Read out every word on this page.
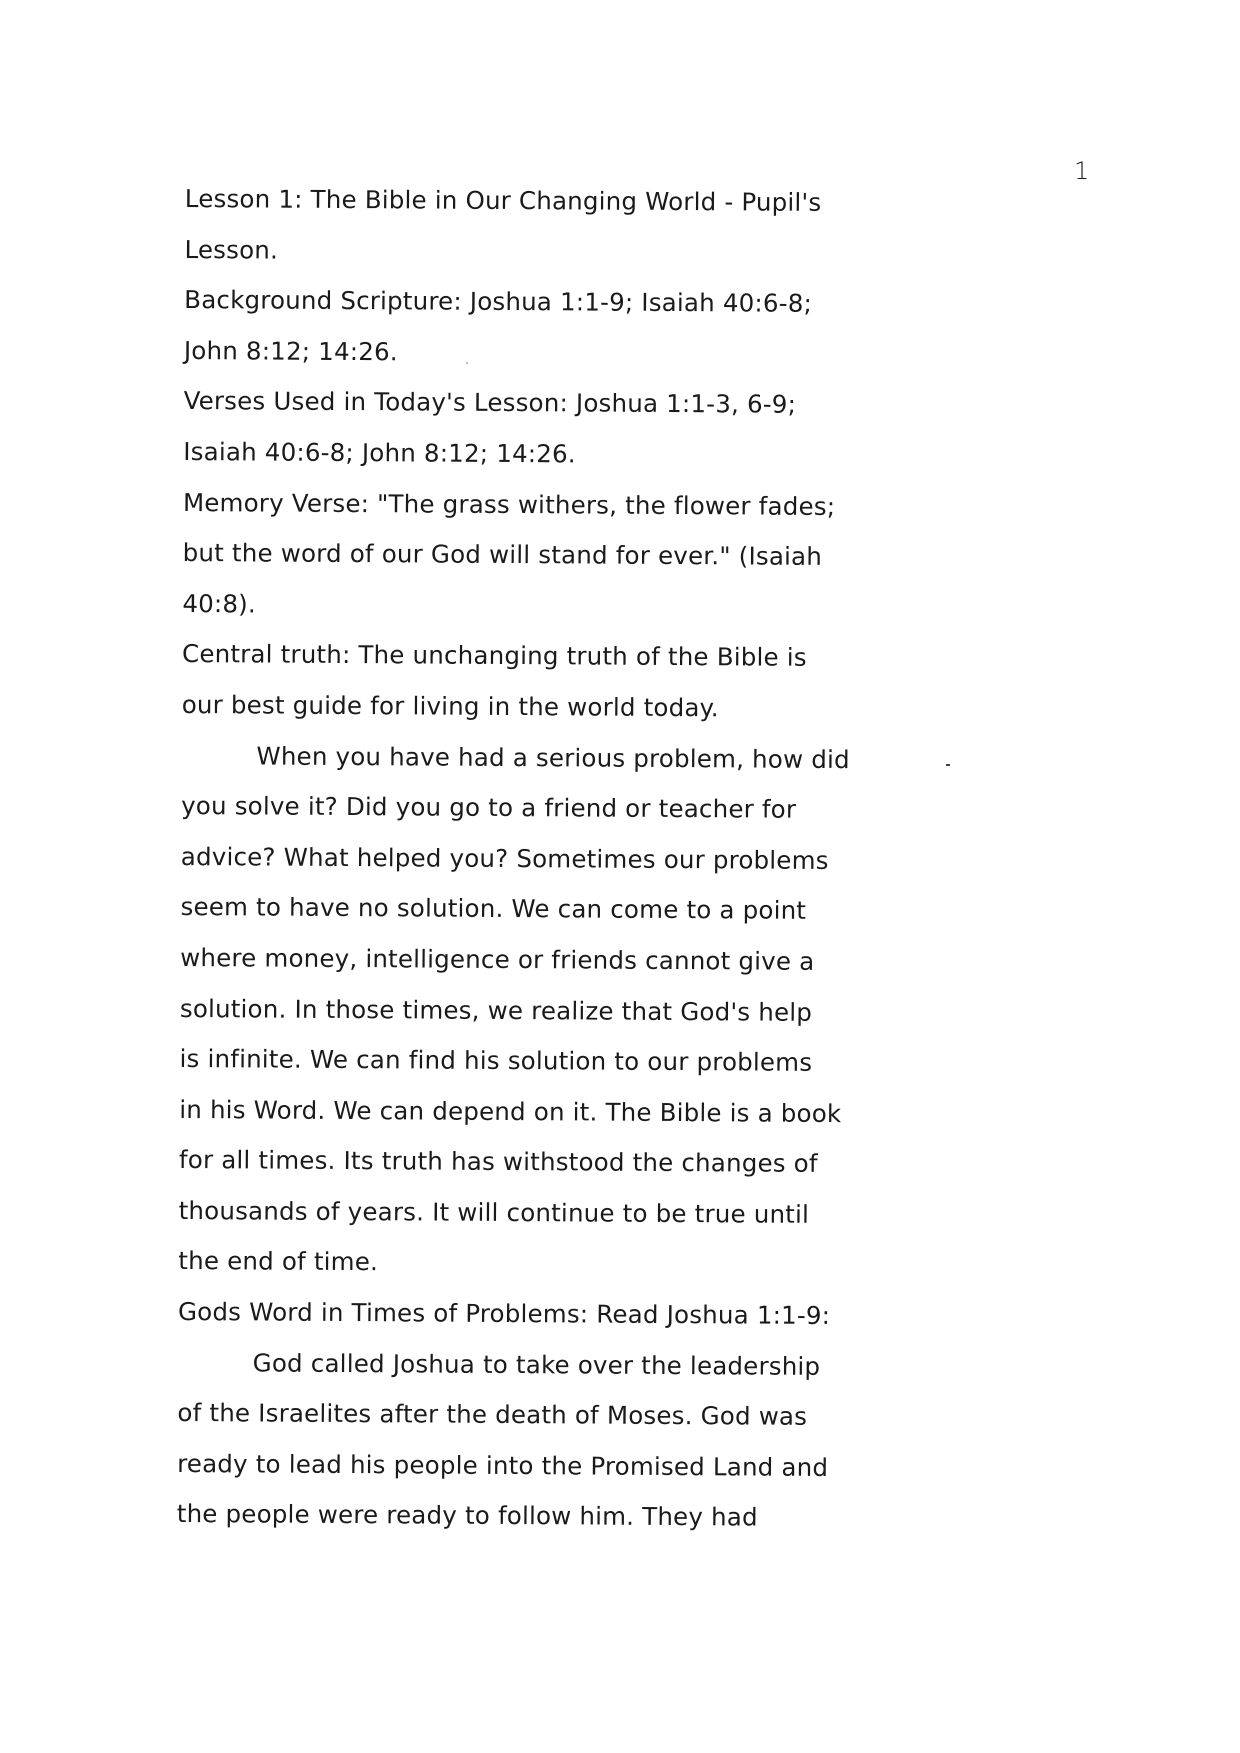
1
Lesson 1: The Bible in Our Changing World - Pupil's
Lesson.
Background Scripture: Joshua 1:1-9; Isaiah 40:6-8;
John 8:12; 14:26.
Verses Used in Today's Lesson: Joshua 1:1-3, 6-9;
Isaiah 40:6-8; John 8:12; 14:26.
Memory Verse: "The grass withers, the flower fades;
but the word of our God will stand for ever." (Isaiah
40:8).
Central truth: The unchanging truth of the Bible is
our best guide for living in the world today.
When you have had a serious problem, how did
you solve it? Did you go to a friend or teacher for
advice? What helped you? Sometimes our problems
seem to have no solution. We can come to a point
where money, intelligence or friends cannot give a
solution. In those times, we realize that God's help
is infinite. We can find his solution to our problems
in his Word. We can depend on it. The Bible is a book
for all times. Its truth has withstood the changes of
thousands of years. It will continue to be true until
the end of time.
Gods Word in Times of Problems: Read Joshua 1:1-9:
God called Joshua to take over the leadership
of the Israelites after the death of Moses. God was
ready to lead his people into the Promised Land and
the people were ready to follow him. They had
